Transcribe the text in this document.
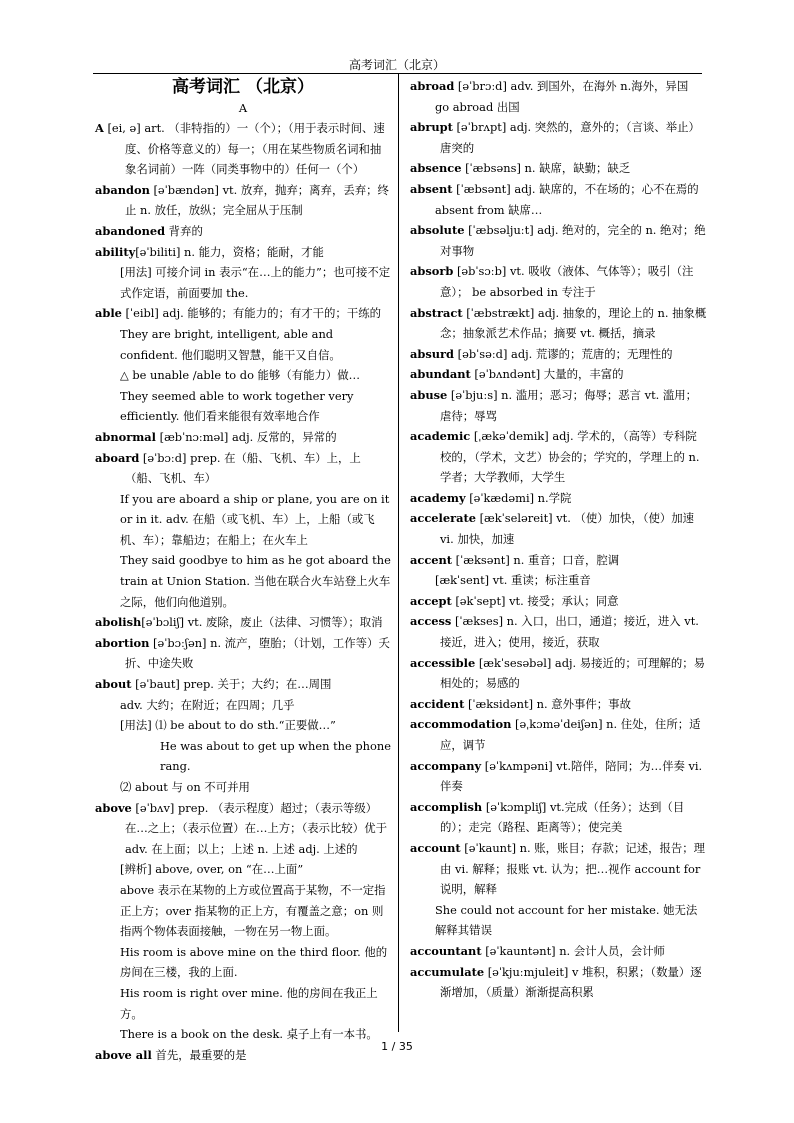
高考词汇（北京）
高考词汇 （北京）
A

A [ei, ə] art. （非特指的）一（个）；（用于表示时间、速度、价格等意义的）每一；（用在某些物质名词和抽象名词前）一阵（同类事物中的）任何一（个）

abandon [əˈbændən] vt. 放弃，抛弃；离弃，丢弃；终止 n. 放任，放纵；完全屈从于压制

abandoned 背弃的

ability[əˈbiliti] n. 能力，资格；能耐，才能

[用法] 可接介词 in 表示“在…上的能力”；也可接不定式作定语，前面要加 the.

able [ˈeibl] adj. 能够的；有能力的；有才干的；干练的

They are bright, intelligent, able and confident. 他们聪明又智慧，能干又自信。

△ be unable /able to do 能够（有能力）做…

They seemed able to work together very efficiently. 他们看来能很有效率地合作

abnormal [æbˈnɔːməl] adj. 反常的，异常的

aboard [əˈbɔːd] prep. 在（船、飞机、车）上，上（船、飞机、车）

If you are aboard a ship or plane, you are on it or in it. adv. 在船（或飞机、车）上，上船（或飞机、车）；靠船边；在船上；在火车上

They said goodbye to him as he got aboard the train at Union Station. 当他在联合火车站登上火车之际，他们向他道别。

abolish[əˈbɔliʃ] vt. 废除，废止（法律、习惯等）；取消

abortion [əˈbɔːʃən] n. 流产，堕胎；（计划，工作等）夭折、中途失败

about [əˈbaut] prep. 关于；大约；在…周围

adv. 大约；在附近；在四周；几乎

[用法] ⑴ be about to do sth.“正要做…”

He was about to get up when the phone rang.

⑵ about 与 on 不可并用

above [əˈbʌv] prep. （表示程度）超过；（表示等级）在…之上；（表示位置）在…上方；（表示比较）优于 adv. 在上面；以上；上述 n. 上述 adj. 上述的

[辨析] above, over, on “在…上面”

above 表示在某物的上方或位置高于某物，不一定指正上方；over 指某物的正上方，有覆盖之意；on 则指两个物体表面接触，一物在另一物上面。

His room is above mine on the third floor. 他的房间在三楼，我的上面.

His room is right over mine. 他的房间在我正上方。

There is a book on the desk. 桌子上有一本书。

above all 首先，最重要的是

abroad [əˈbrɔːd] adv. 到国外，在海外 n.海外，异国

go abroad 出国

abrupt [əˈbrʌpt] adj. 突然的，意外的；（言谈、举止）唐突的

absence [ˈæbsəns] n. 缺席，缺勤；缺乏

absent [ˈæbsənt] adj. 缺席的，不在场的；心不在焉的

absent from 缺席…

absolute [ˈæbsəljuːt] adj. 绝对的，完全的 n. 绝对；绝对事物

absorb [əbˈsɔːb] vt. 吸收（液体、气体等）；吸引（注意）； be absorbed in 专注于

abstract [ˈæbstrækt] adj. 抽象的，理论上的 n. 抽象概念；抽象派艺术作品；摘要 vt. 概括，摘录

absurd [əbˈsəːd] adj. 荒谬的；荒唐的；无理性的

abundant [əˈbʌndənt] 大量的，丰富的

abuse [əˈbjuːs] n. 滥用；恶习；侮辱；恶言 vt. 滥用；虐待；辱骂

academic [ˌækəˈdemik] adj. 学术的，（高等）专科院校的，（学术，文艺）协会的；学究的，学理上的 n. 学者；大学教师，大学生

academy [əˈkædəmi] n.学院

accelerate [ækˈseləreit] vt. （使）加快，（使）加速 vi. 加快，加速

accent [ˈæksənt] n. 重音；口音，腔调

[ækˈsent] vt. 重读；标注重音

accept [əkˈsept] vt. 接受；承认；同意

access [ˈækses] n. 入口，出口，通道；接近，进入 vt. 接近，进入；使用，接近，获取

accessible [ækˈsesəbəl] adj. 易接近的；可理解的；易相处的；易感的

accident [ˈæksidənt] n. 意外事件；事故

accommodation [əˌkɔməˈdeiʃən] n. 住处，住所；适应，调节

accompany [əˈkʌmpəni] vt.陪伴，陪同；为…伴奏 vi.伴奏

accomplish [əˈkɔmpliʃ] vt.完成（任务）；达到（目的）；走完（路程、距离等）；使完美

account [əˈkaunt] n. 账，账目；存款；记述，报告；理由 vi. 解释；报账 vt. 认为；把…视作 account for 说明，解释

She could not account for her mistake. 她无法解释其错误

accountant [əˈkauntənt] n. 会计人员，会计师

accumulate [əˈkjuːmjuleit] v 堆积，积累；（数量）逐渐增加，（质量）渐渐提高积累

1 / 35
